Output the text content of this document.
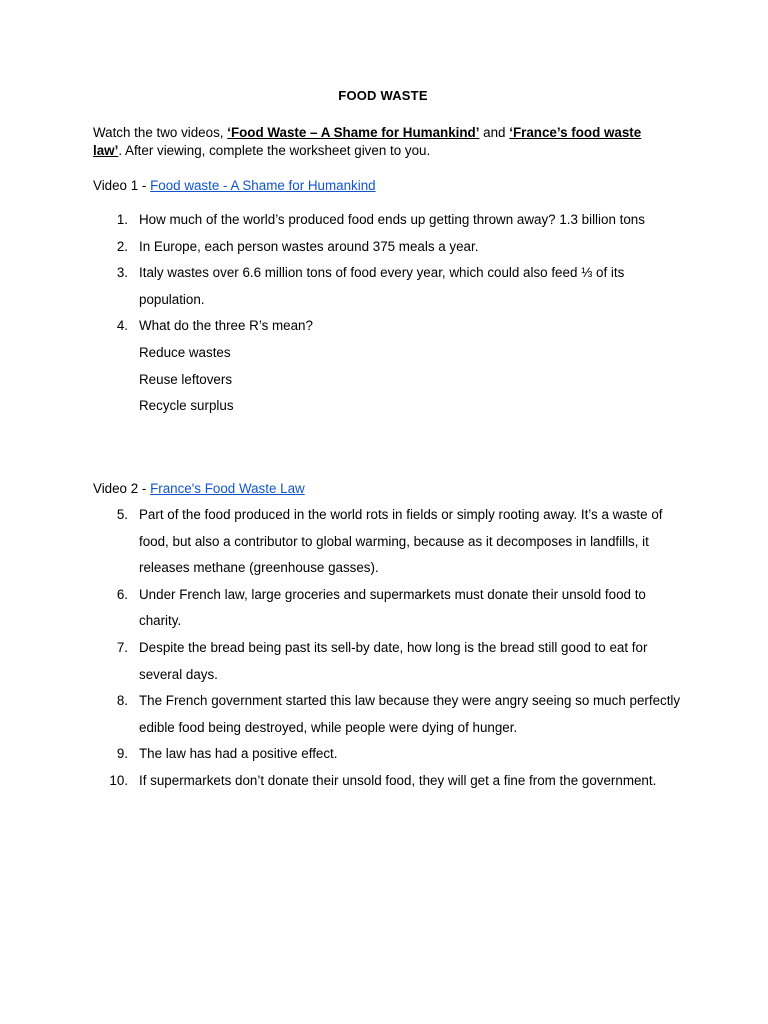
FOOD WASTE
Watch the two videos, ‘Food Waste – A Shame for Humankind’ and ‘France’s food waste law’. After viewing, complete the worksheet given to you.
Video 1 - Food waste - A Shame for Humankind
1. How much of the world’s produced food ends up getting thrown away? 1.3 billion tons
2. In Europe, each person wastes around 375 meals a year.
3. Italy wastes over 6.6 million tons of food every year, which could also feed ⅓ of its population.
4. What do the three R’s mean?
Reduce wastes
Reuse leftovers
Recycle surplus
Video 2 - France's Food Waste Law
5. Part of the food produced in the world rots in fields or simply rooting away. It’s a waste of food, but also a contributor to global warming, because as it decomposes in landfills, it releases methane (greenhouse gasses).
6. Under French law, large groceries and supermarkets must donate their unsold food to charity.
7. Despite the bread being past its sell-by date, how long is the bread still good to eat for several days.
8. The French government started this law because they were angry seeing so much perfectly edible food being destroyed, while people were dying of hunger.
9. The law has had a positive effect.
10. If supermarkets don’t donate their unsold food, they will get a fine from the government.
